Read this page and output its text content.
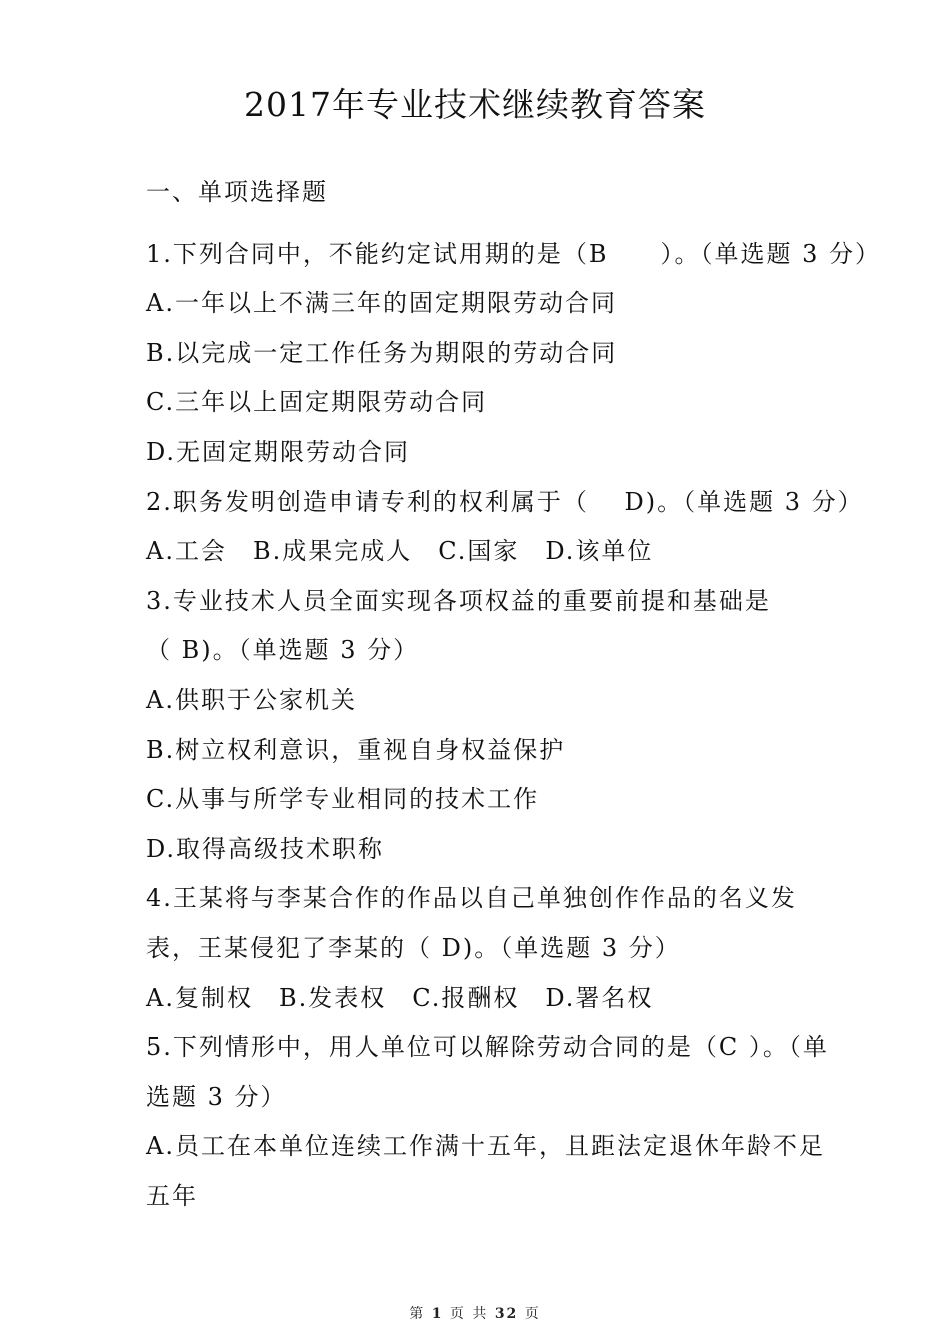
2017年专业技术继续教育答案
一、单项选择题
1.下列合同中，不能约定试用期的是（B　　）。（单选题 3 分）
A.一年以上不满三年的固定期限劳动合同
B.以完成一定工作任务为期限的劳动合同
C.三年以上固定期限劳动合同
D.无固定期限劳动合同
2.职务发明创造申请专利的权利属于（　 D)。（单选题 3 分）
A.工会　B.成果完成人　C.国家　D.该单位
3.专业技术人员全面实现各项权益的重要前提和基础是
（ B)。（单选题 3 分）
A.供职于公家机关
B.树立权利意识，重视自身权益保护
C.从事与所学专业相同的技术工作
D.取得高级技术职称
4.王某将与李某合作的作品以自己单独创作作品的名义发
表，王某侵犯了李某的（ D)。（单选题 3 分）
A.复制权　B.发表权　C.报酬权　D.署名权
5.下列情形中，用人单位可以解除劳动合同的是（C ）。（单
选题 3 分）
A.员工在本单位连续工作满十五年，且距法定退休年龄不足
五年
第 1 页 共 32 页
